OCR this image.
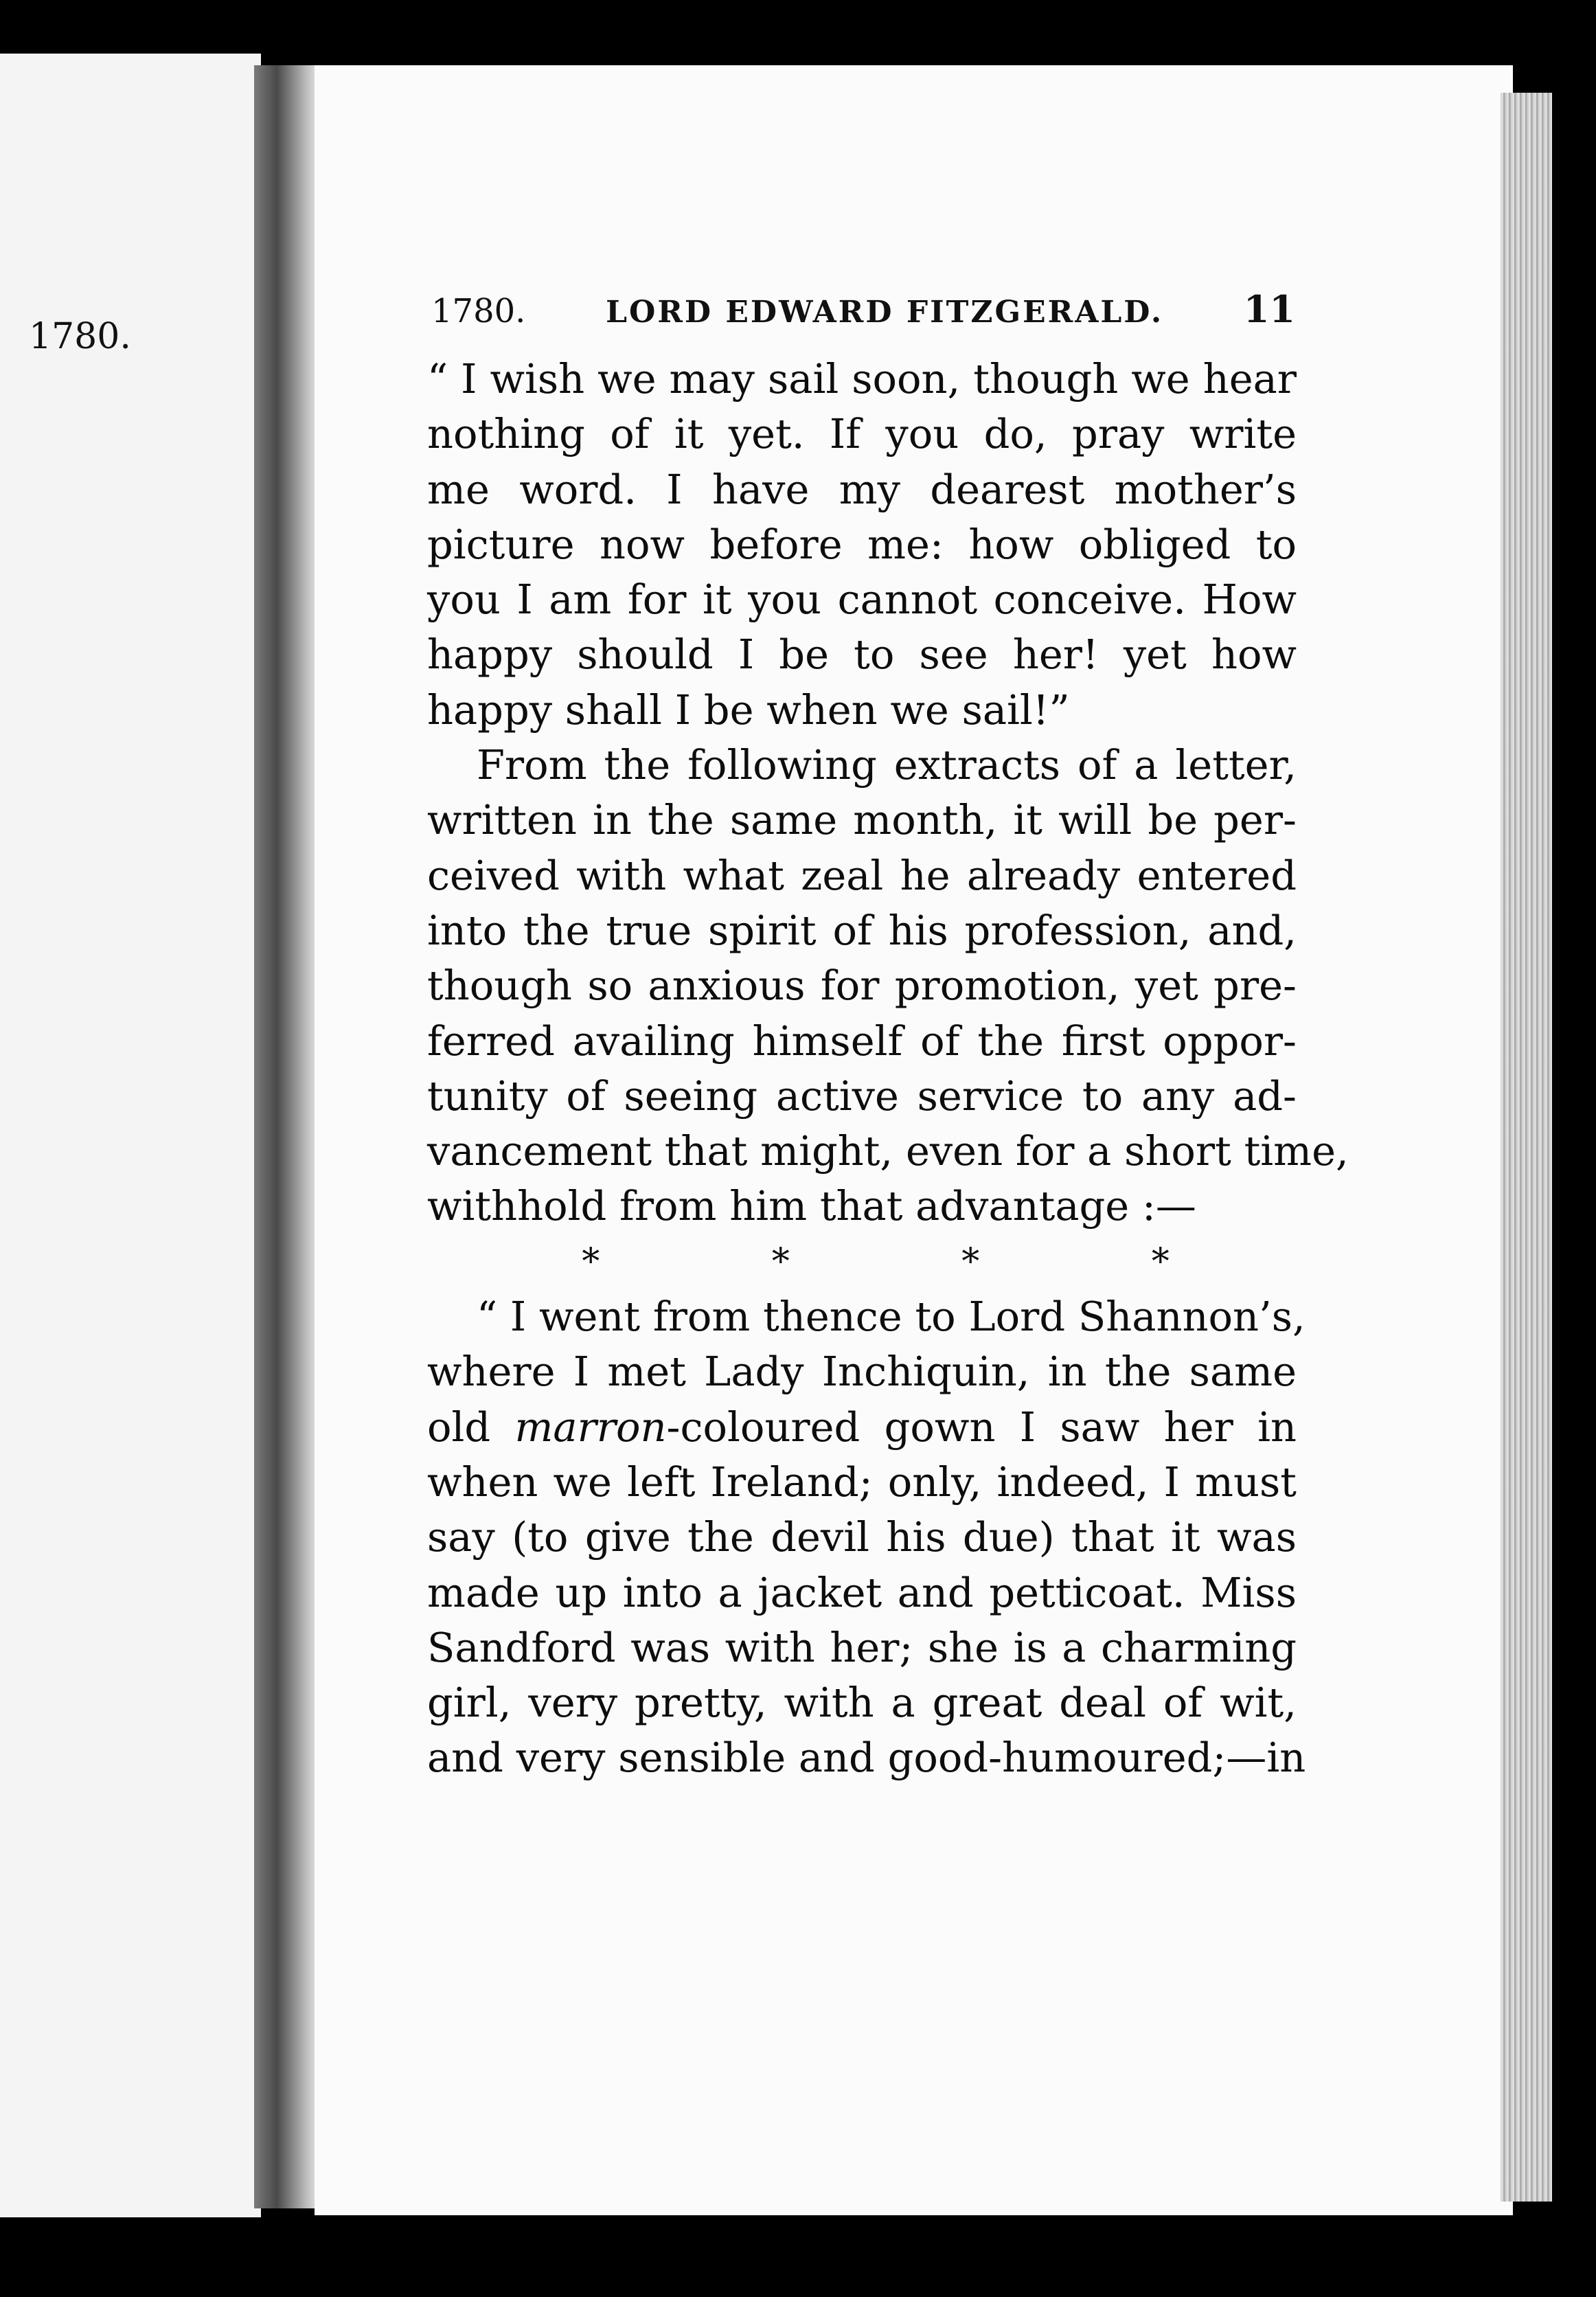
1780.

1780.	LORD EDWARD FITZGERALD. 11
“ I wish we may sail soon, though we hear
nothing of it yet. If you do, pray write
me word. I have my dearest mother’s
picture now before me: how obliged to
you I am for it you cannot conceive. How
happy should I be to see her! yet how
happy shall I be when we sail!”
From the following extracts of a letter,
written in the same month, it will be per-
ceived with what zeal he already entered
into the true spirit of his profession, and,
though so anxious for promotion, yet pre-
ferred availing himself of the first oppor-
tunity of seeing active service to any ad-
vancement that might, even for a short time,
withhold from him that advantage :—
*	*	*	*
“ I went from thence to Lord Shannon’s,
where I met Lady Inchiquin, in the same
old marron-coloured gown I saw her in
when we left Ireland; only, indeed, I must
say (to give the devil his due) that it was
made up into a jacket and petticoat. Miss
Sandford was with her; she is a charming
girl, very pretty, with a great deal of wit,
and very sensible and good-humoured;—in
